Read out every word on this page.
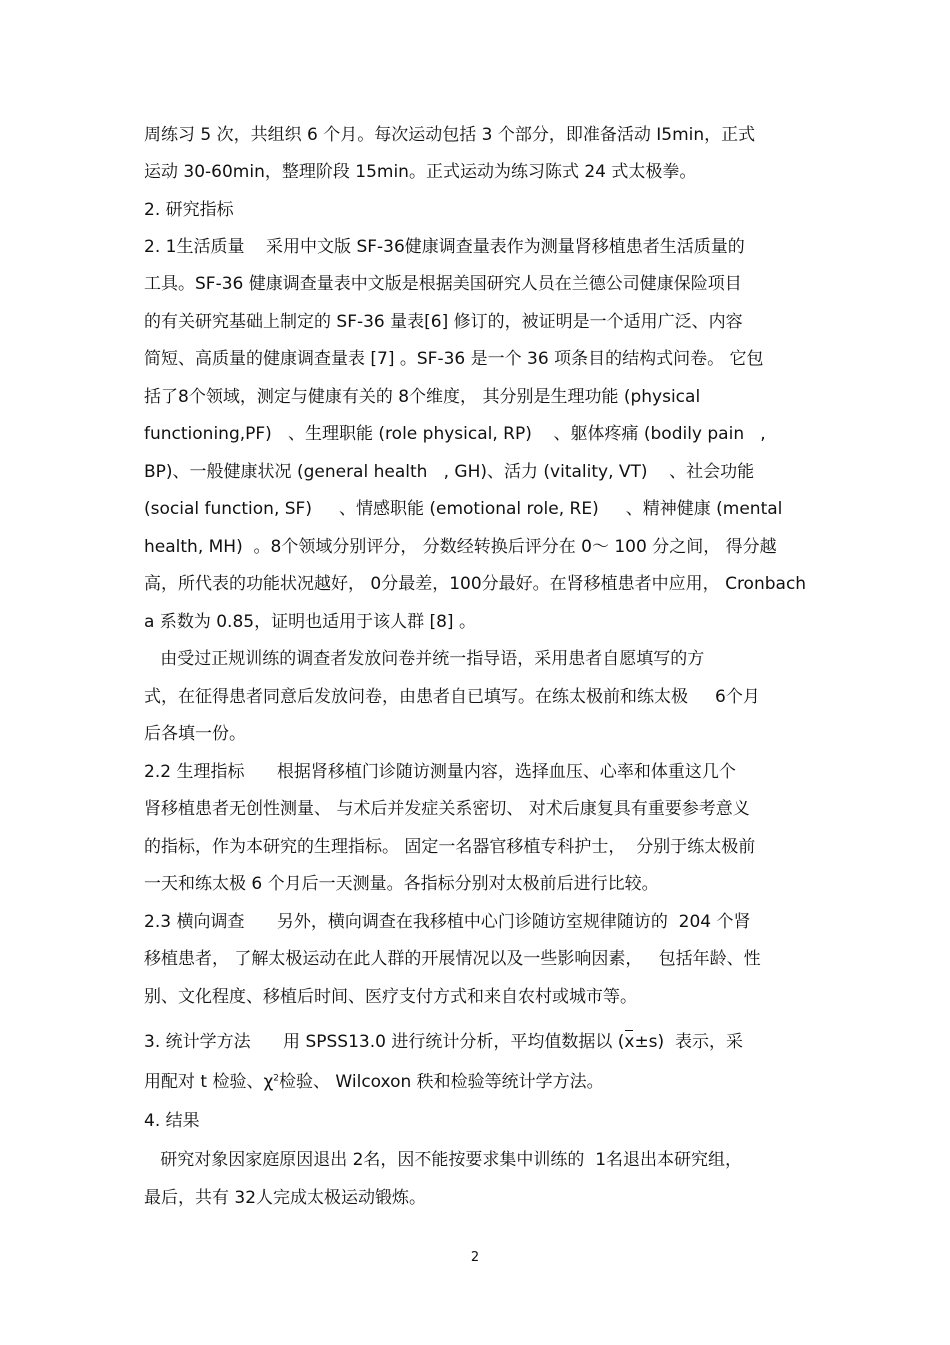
周练习 5 次，共组织 6 个月。每次运动包括 3 个部分，即准备活动 I5min，正式
运动 30-60min，整理阶段 15min。正式运动为练习陈式 24 式太极拳。
2. 研究指标
2. 1生活质量    采用中文版 SF-36健康调查量表作为测量肾移植患者生活质量的
工具。SF-36 健康调查量表中文版是根据美国研究人员在兰德公司健康保险项目
的有关研究基础上制定的 SF-36 量表[6] 修订的，被证明是一个适用广泛、内容
简短、高质量的健康调查量表 [7] 。SF-36 是一个 36 项条目的结构式问卷。 它包
括了8个领域，测定与健康有关的 8个维度， 其分别是生理功能 (physical
functioning,PF)   、生理职能 (role physical, RP)    、躯体疼痛 (bodily pain   ,
BP)、一般健康状况 (general health   , GH)、活力 (vitality, VT)    、社会功能
(social function, SF)     、情感职能 (emotional role, RE)     、精神健康 (mental
health, MH)  。8个领域分别评分， 分数经转换后评分在 0～ 100 分之间， 得分越
高，所代表的功能状况越好， 0分最差，100分最好。在肾移植患者中应用， Cronbach
a 系数为 0.85，证明也适用于该人群 [8] 。
由受过正规训练的调查者发放问卷并统一指导语，采用患者自愿填写的方
式，在征得患者同意后发放问卷，由患者自已填写。在练太极前和练太极     6个月
后各填一份。
2.2 生理指标      根据肾移植门诊随访测量内容，选择血压、心率和体重这几个
肾移植患者无创性测量、 与术后并发症关系密切、 对术后康复具有重要参考意义
的指标，作为本研究的生理指标。 固定一名器官移植专科护士，  分别于练太极前
一天和练太极 6 个月后一天测量。各指标分别对太极前后进行比较。
2.3 横向调查      另外，横向调查在我移植中心门诊随访室规律随访的  204 个肾
移植患者， 了解太极运动在此人群的开展情况以及一些影响因素，   包括年龄、性
别、文化程度、移植后时间、医疗支付方式和来自农村或城市等。
3. 统计学方法      用 SPSS13.0 进行统计分析，平均值数据以 (x±s)  表示，采
用配对 t 检验、$\chi^2$检验、 Wilcoxon 秩和检验等统计学方法。
4. 结果
研究对象因家庭原因退出 2名，因不能按要求集中训练的  1名退出本研究组，
最后，共有 32人完成太极运动锻炼。
2
